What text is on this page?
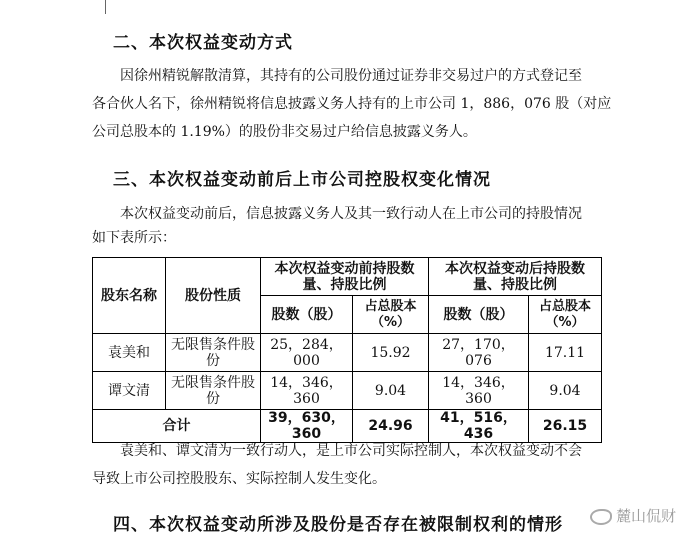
二、本次权益变动方式

因徐州精锐解散清算，其持有的公司股份通过证券非交易过户的方式登记至

各合伙人名下，徐州精锐将信息披露义务人持有的上市公司 1，886，076 股（对应

公司总股本的 1.19%）的股份非交易过户给信息披露义务人。

三、本次权益变动前后上市公司控股权变化情况

本次权益变动前后，信息披露义务人及其一致行动人在上市公司的持股情况

如下表所示：

股东名称	股份性质	本次权益变动前持股数量、持股比例		本次权益变动后持股数量、持股比例	
		股数（股）	占总股本（%）	股数（股）	占总股本（%）
袁美和	无限售条件股份	25，284，000	15.92	27，170，076	17.11
谭文清	无限售条件股份	14，346，360	9.04	14，346，360	9.04
合计		39，630，360	24.96	41，516，436	26.15

袁美和、谭文清为一致行动人，是上市公司实际控制人，本次权益变动不会

导致上市公司控股股东、实际控制人发生变化。

四、本次权益变动所涉及股份是否存在被限制权利的情形	麓山侃财
